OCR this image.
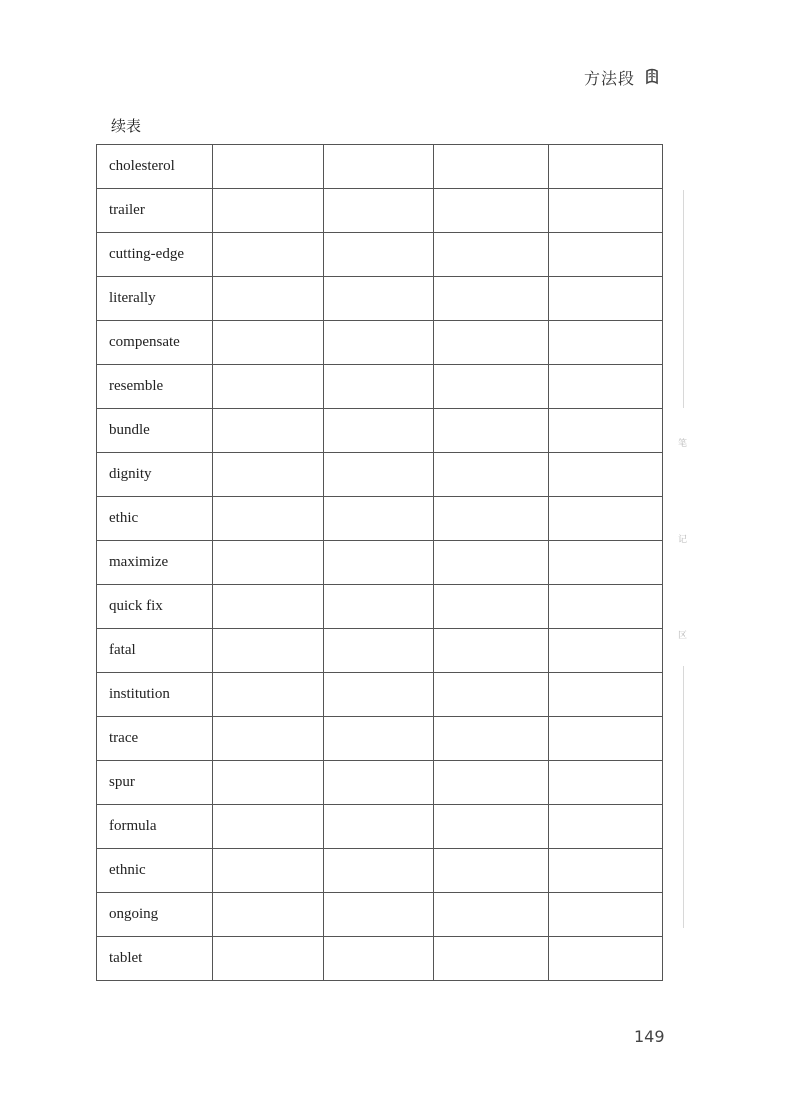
方法段
续表
cholesterol				
trailer				
cutting-edge				
literally				
compensate				
resemble				
bundle				
dignity				
ethic				
maximize				
quick fix				
fatal				
institution				
trace				
spur				
formula				
ethnic				
ongoing				
tablet				
笔
记
区
149
